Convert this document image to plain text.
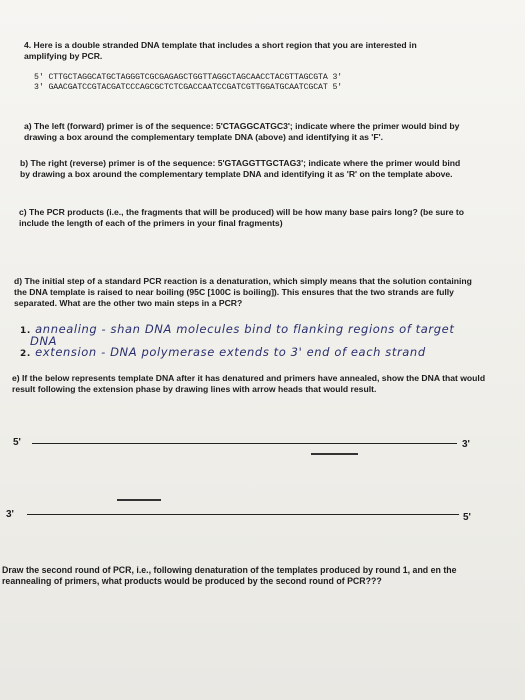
4. Here is a double stranded DNA template that includes a short region that you are interested in amplifying by PCR.

5' CTTGCTAGGCATGCTAGGGTCGCGAGAGCTGGTTAGGCTAGCAACCTACGTTAGCGTA 3'
3' GAACGATCCGTACGATCCCAGCGCTCTCGACCAATCCGATCGTTGGATGCAATCGCAT 5'

a) The left (forward) primer is of the sequence: 5'CTAGGCATGC3'; indicate where the primer would bind by drawing a box around the complementary template DNA (above) and identifying it as 'F'.

b) The right (reverse) primer is of the sequence: 5'GTAGGTTGCTAG3'; indicate where the primer would bind by drawing a box around the complementary template DNA and identifying it as 'R' on the template above.

c) The PCR products (i.e., the fragments that will be produced) will be how many base pairs long? (be sure to include the length of each of the primers in your final fragments)

d) The initial step of a standard PCR reaction is a denaturation, which simply means that the solution containing the DNA template is raised to near boiling (95C [100C is boiling]). This ensures that the two strands are fully separated. What are the other two main steps in a PCR?

1. annealing - shan DNA molecules bind to flanking regions of target
DNA
2. extension - DNA polymerase extends to 3' end of each strand

e) If the below represents template DNA after it has denatured and primers have annealed, show the DNA that would result following the extension phase by drawing lines with arrow heads that would result.

5'	3'
3'	5'

Draw the second round of PCR, i.e., following denaturation of the templates produced by round 1, and en the reannealing of primers, what products would be produced by the second round of PCR???
